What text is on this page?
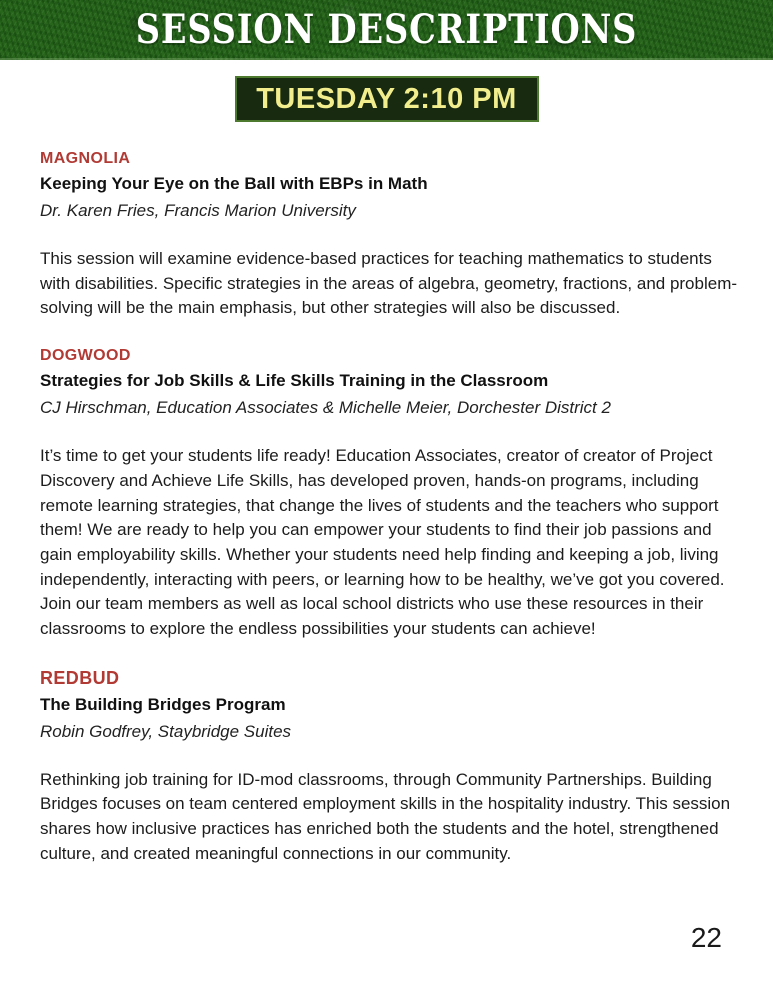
SESSION DESCRIPTIONS
TUESDAY 2:10 PM
MAGNOLIA
Keeping Your Eye on the Ball with EBPs in Math

Dr. Karen Fries, Francis Marion University

This session will examine evidence-based practices for teaching mathematics to students with disabilities. Specific strategies in the areas of algebra, geometry, fractions, and problem-solving will be the main emphasis, but other strategies will also be discussed.

DOGWOOD
Strategies for Job Skills & Life Skills Training in the Classroom

CJ Hirschman, Education Associates & Michelle Meier, Dorchester District 2

It’s time to get your students life ready! Education Associates, creator of creator of Project Discovery and Achieve Life Skills, has developed proven, hands-on programs, including remote learning strategies, that change the lives of students and the teachers who support them! We are ready to help you can empower your students to find their job passions and gain employability skills. Whether your students need help finding and keeping a job, living independently, interacting with peers, or learning how to be healthy, we’ve got you covered. Join our team members as well as local school districts who use these resources in their classrooms to explore the endless possibilities your students can achieve!

REDBUD
The Building Bridges Program

Robin Godfrey, Staybridge Suites

Rethinking job training for ID-mod classrooms, through Community Partnerships. Building Bridges focuses on team centered employment skills in the hospitality industry. This session shares how inclusive practices has enriched both the students and the hotel, strengthened culture, and created meaningful connections in our community.

22
